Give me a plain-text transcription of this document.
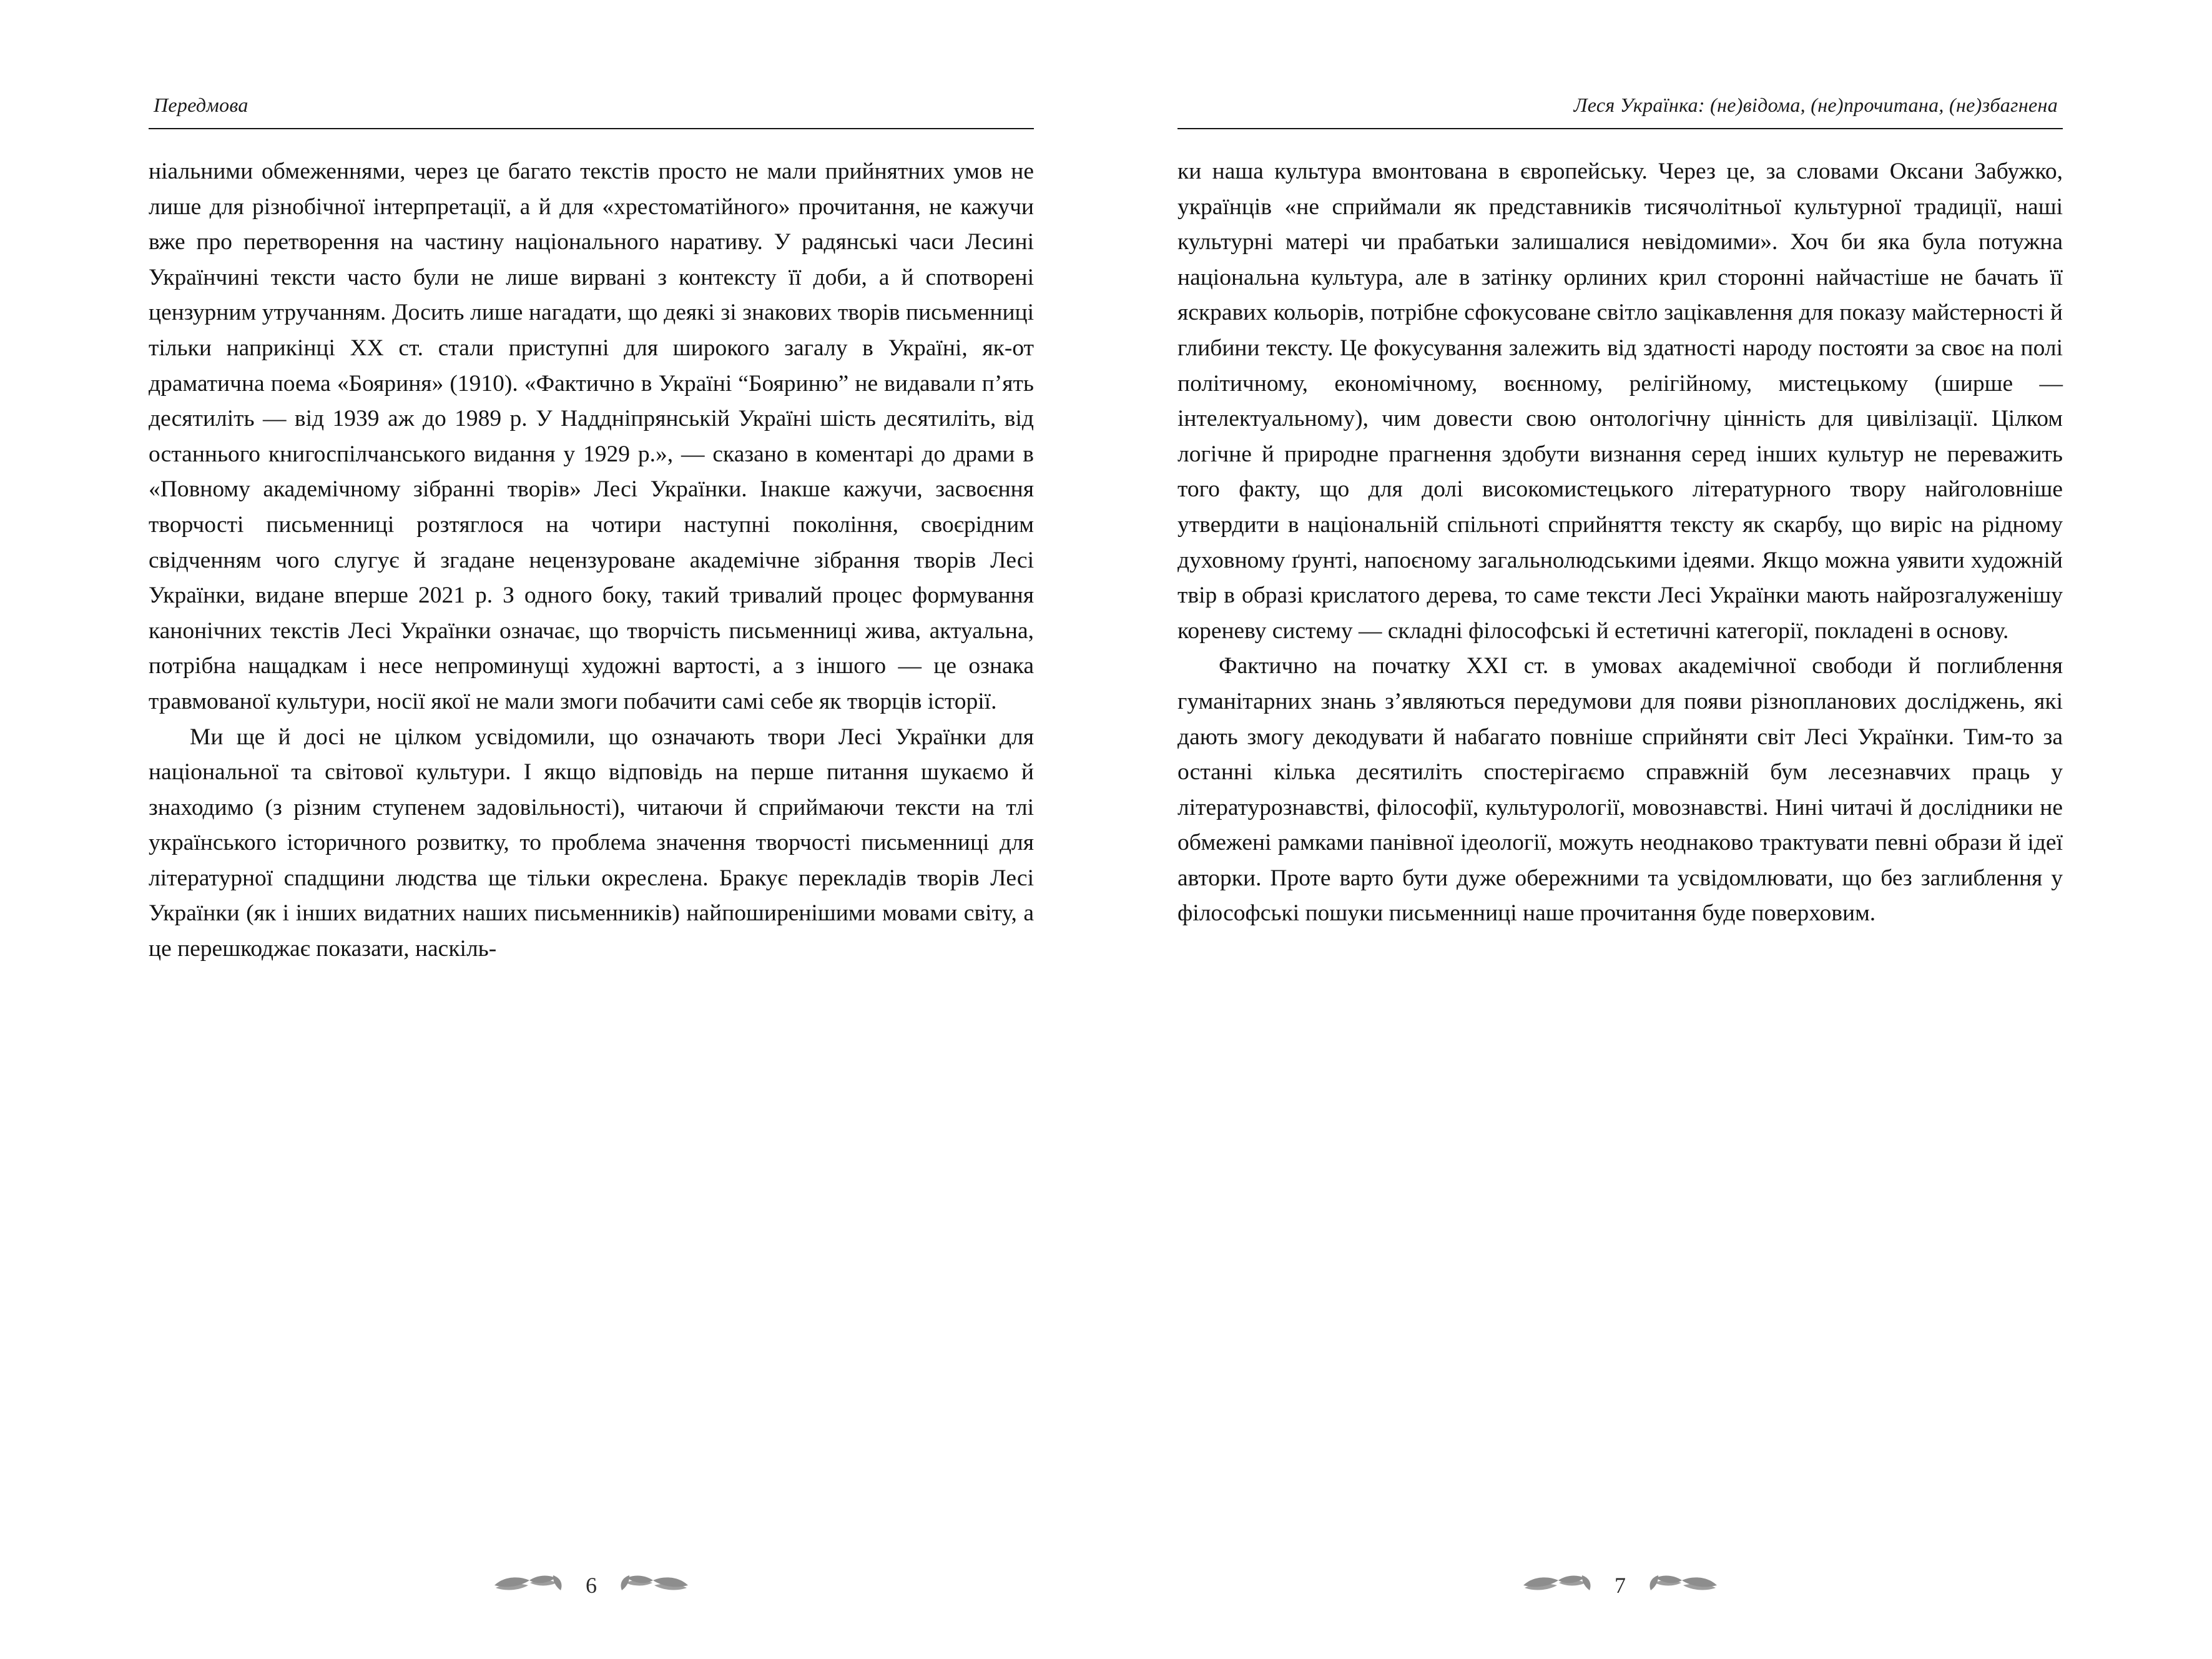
Передмова

ніальними обмеженнями, через це багато текстів просто не мали прийнятних умов не лише для різнобічної інтерпретації, а й для «хрестоматійного» прочитання, не кажучи вже про перетворення на частину національного наративу. У радянські часи Лесині Українчині тексти часто були не лише вирвані з контексту її доби, а й спотворені цензурним утручанням. Досить лише нагадати, що деякі зі знакових творів письменниці тільки наприкінці XX ст. стали приступні для широкого загалу в Україні, як-от драматична поема «Бояриня» (1910). «Фактично в Україні “Бояриню” не видавали п’ять десятиліть — від 1939 аж до 1989 р. У Наддніпрянській Україні шість десятиліть, від останнього книгоспілчанського видання у 1929 р.», — сказано в коментарі до драми в «Повному академічному зібранні творів» Лесі Українки. Інакше кажучи, засвоєння творчості письменниці розтяглося на чотири наступні покоління, своєрідним свідченням чого слугує й згадане нецензуроване академічне зібрання творів Лесі Українки, видане вперше 2021 р. З одного боку, такий тривалий процес формування канонічних текстів Лесі Українки означає, що творчість письменниці жива, актуальна, потрібна нащадкам і несе непроминущі художні вартості, а з іншого — це ознака травмованої культури, носії якої не мали змоги побачити самі себе як творців історії.

Ми ще й досі не цілком усвідомили, що означають твори Лесі Українки для національної та світової культури. І якщо відповідь на перше питання шукаємо й знаходимо (з різним ступенем задовільності), читаючи й сприймаючи тексти на тлі українського історичного розвитку, то проблема значення творчості письменниці для літературної спадщини людства ще тільки окреслена. Бракує перекладів творів Лесі Українки (як і інших видатних наших письменників) найпоширенішими мовами світу, а це перешкоджає показати, наскіль-

6
Леся Українка: (не)відома, (не)прочитана, (не)збагнена

ки наша культура вмонтована в європейську. Через це, за словами Оксани Забужко, українців «не сприймали як представників тисячолітньої культурної традиції, наші культурні матері чи прабатьки залишалися невідомими». Хоч би яка була потужна національна культура, але в затінку орлиних крил сторонні найчастіше не бачать її яскравих кольорів, потрібне сфокусоване світло зацікавлення для показу майстерності й глибини тексту. Це фокусування залежить від здатності народу постояти за своє на полі політичному, економічному, воєнному, релігійному, мистецькому (ширше — інтелектуальному), чим довести свою онтологічну цінність для цивілізації. Цілком логічне й природне прагнення здобути визнання серед інших культур не переважить того факту, що для долі високомистецького літературного твору найголовніше утвердити в національній спільноті сприйняття тексту як скарбу, що виріс на рідному духовному ґрунті, напоєному загальнолюдськими ідеями. Якщо можна уявити художній твір в образі крислатого дерева, то саме тексти Лесі Українки мають найрозгалуженішу кореневу систему — складні філософські й естетичні категорії, покладені в основу.

Фактично на початку XXI ст. в умовах академічної свободи й поглиблення гуманітарних знань з’являються передумови для появи різнопланових досліджень, які дають змогу декодувати й набагато повніше сприйняти світ Лесі Українки. Тим-то за останні кілька десятиліть спостерігаємо справжній бум лесезнавчих праць у літературознавстві, філософії, культурології, мовознавстві. Нині читачі й дослідники не обмежені рамками панівної ідеології, можуть неоднаково трактувати певні образи й ідеї авторки. Проте варто бути дуже обережними та усвідомлювати, що без заглиблення у філософські пошуки письменниці наше прочитання буде поверховим.

7
